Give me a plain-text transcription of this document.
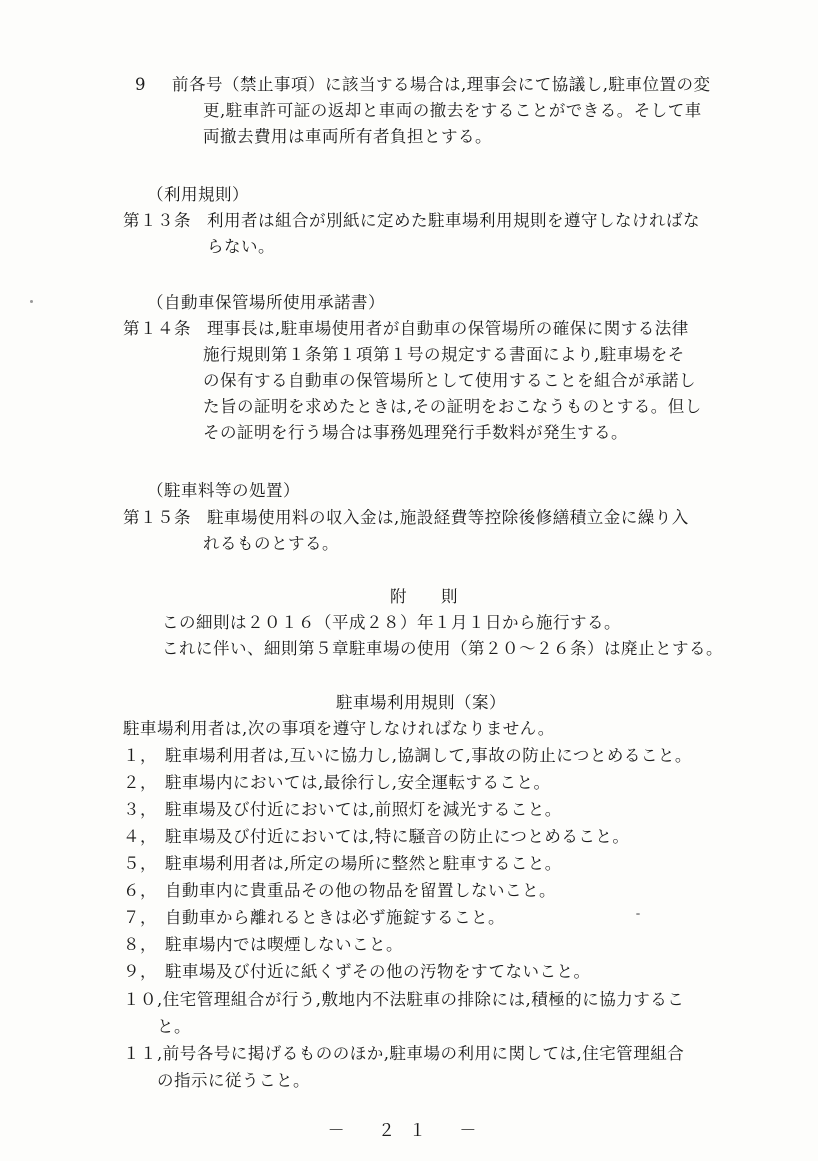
9 前各号（禁止事項）に該当する場合は,理事会にて協議し,駐車位置の変
更,駐車許可証の返却と車両の撤去をすることができる。そして車
両撤去費用は車両所有者負担とする。
（利用規則）
第１３条 利用者は組合が別紙に定めた駐車場利用規則を遵守しなければな
らない。
（自動車保管場所使用承諾書）
第１４条 理事長は,駐車場使用者が自動車の保管場所の確保に関する法律
施行規則第１条第１項第１号の規定する書面により,駐車場をそ
の保有する自動車の保管場所として使用することを組合が承諾し
た旨の証明を求めたときは,その証明をおこなうものとする。但し
その証明を行う場合は事務処理発行手数料が発生する。
（駐車料等の処置）
第１５条 駐車場使用料の収入金は,施設経費等控除後修繕積立金に繰り入
れるものとする。
附　　則
この細則は２０１６（平成２８）年１月１日から施行する。
これに伴い、細則第５章駐車場の使用（第２０～２６条）は廃止とする。
駐車場利用規則（案）
駐車場利用者は,次の事項を遵守しなければなりません。
１， 駐車場利用者は,互いに協力し,協調して,事故の防止につとめること。
２， 駐車場内においては,最徐行し,安全運転すること。
３， 駐車場及び付近においては,前照灯を減光すること。
４， 駐車場及び付近においては,特に騒音の防止につとめること。
５， 駐車場利用者は,所定の場所に整然と駐車すること。
６， 自動車内に貴重品その他の物品を留置しないこと。
７， 自動車から離れるときは必ず施錠すること。
８， 駐車場内では喫煙しないこと。
９， 駐車場及び付近に紙くずその他の汚物をすてないこと。
１０,住宅管理組合が行う,敷地内不法駐車の排除には,積極的に協力するこ
と。
１１,前号各号に掲げるもののほか,駐車場の利用に関しては,住宅管理組合
の指示に従うこと。
－ ２１ －
